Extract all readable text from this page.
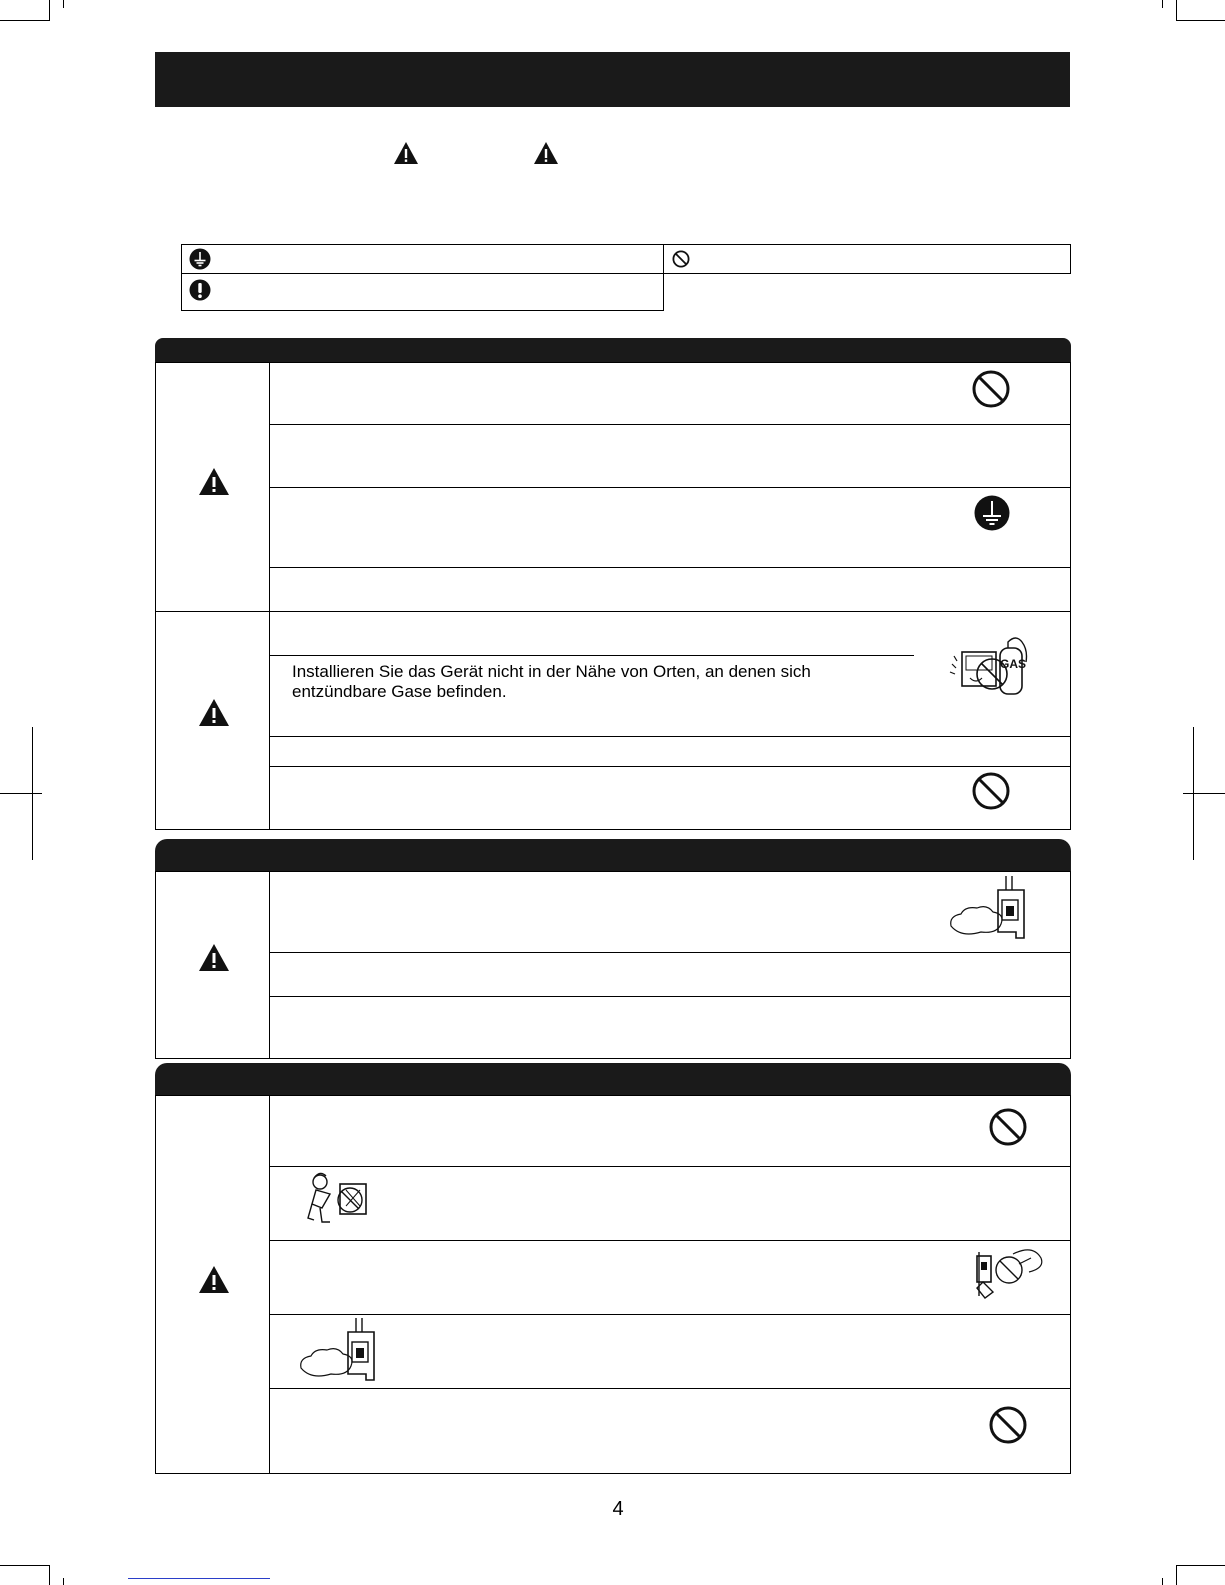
Installieren Sie das Gerät nicht in der Nähe von Orten, an denen sich
entzündbare Gase befinden.
GAS
4
